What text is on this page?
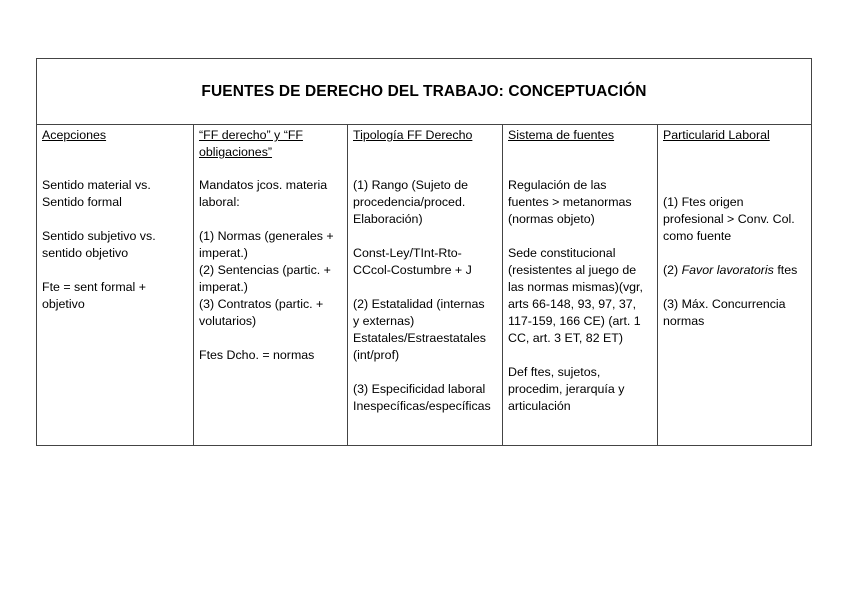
FUENTES DE DERECHO DEL TRABAJO: CONCEPTUACIÓN
Acepciones
Sentido material vs.
Sentido formal
Sentido subjetivo vs.
sentido objetivo
Fte = sent formal +
objetivo
“FF derecho” y “FF
obligaciones”
Mandatos jcos. materia
laboral:
(1) Normas (generales +
imperat.)
(2) Sentencias (partic. +
imperat.)
(3) Contratos (partic. +
volutarios)
Ftes Dcho. = normas
Tipología FF Derecho
(1) Rango (Sujeto de
procedencia/proced.
Elaboración)
Const-Ley/TInt-Rto-
CCcol-Costumbre + J
(2) Estatalidad (internas
y externas)
Estatales/Estraestatales
(int/prof)
(3) Especificidad laboral
Inespecíficas/específicas
Sistema de fuentes
Regulación de las
fuentes > metanormas
(normas objeto)
Sede constitucional
(resistentes al juego de
las normas mismas)(vgr,
arts 66-148, 93, 97, 37,
117-159, 166 CE) (art. 1
CC, art. 3 ET, 82 ET)
Def ftes, sujetos,
procedim, jerarquía y
articulación
Particularid Laboral
(1) Ftes origen
profesional > Conv. Col.
como fuente
(2) Favor lavoratoris ftes
(3) Máx. Concurrencia
normas
